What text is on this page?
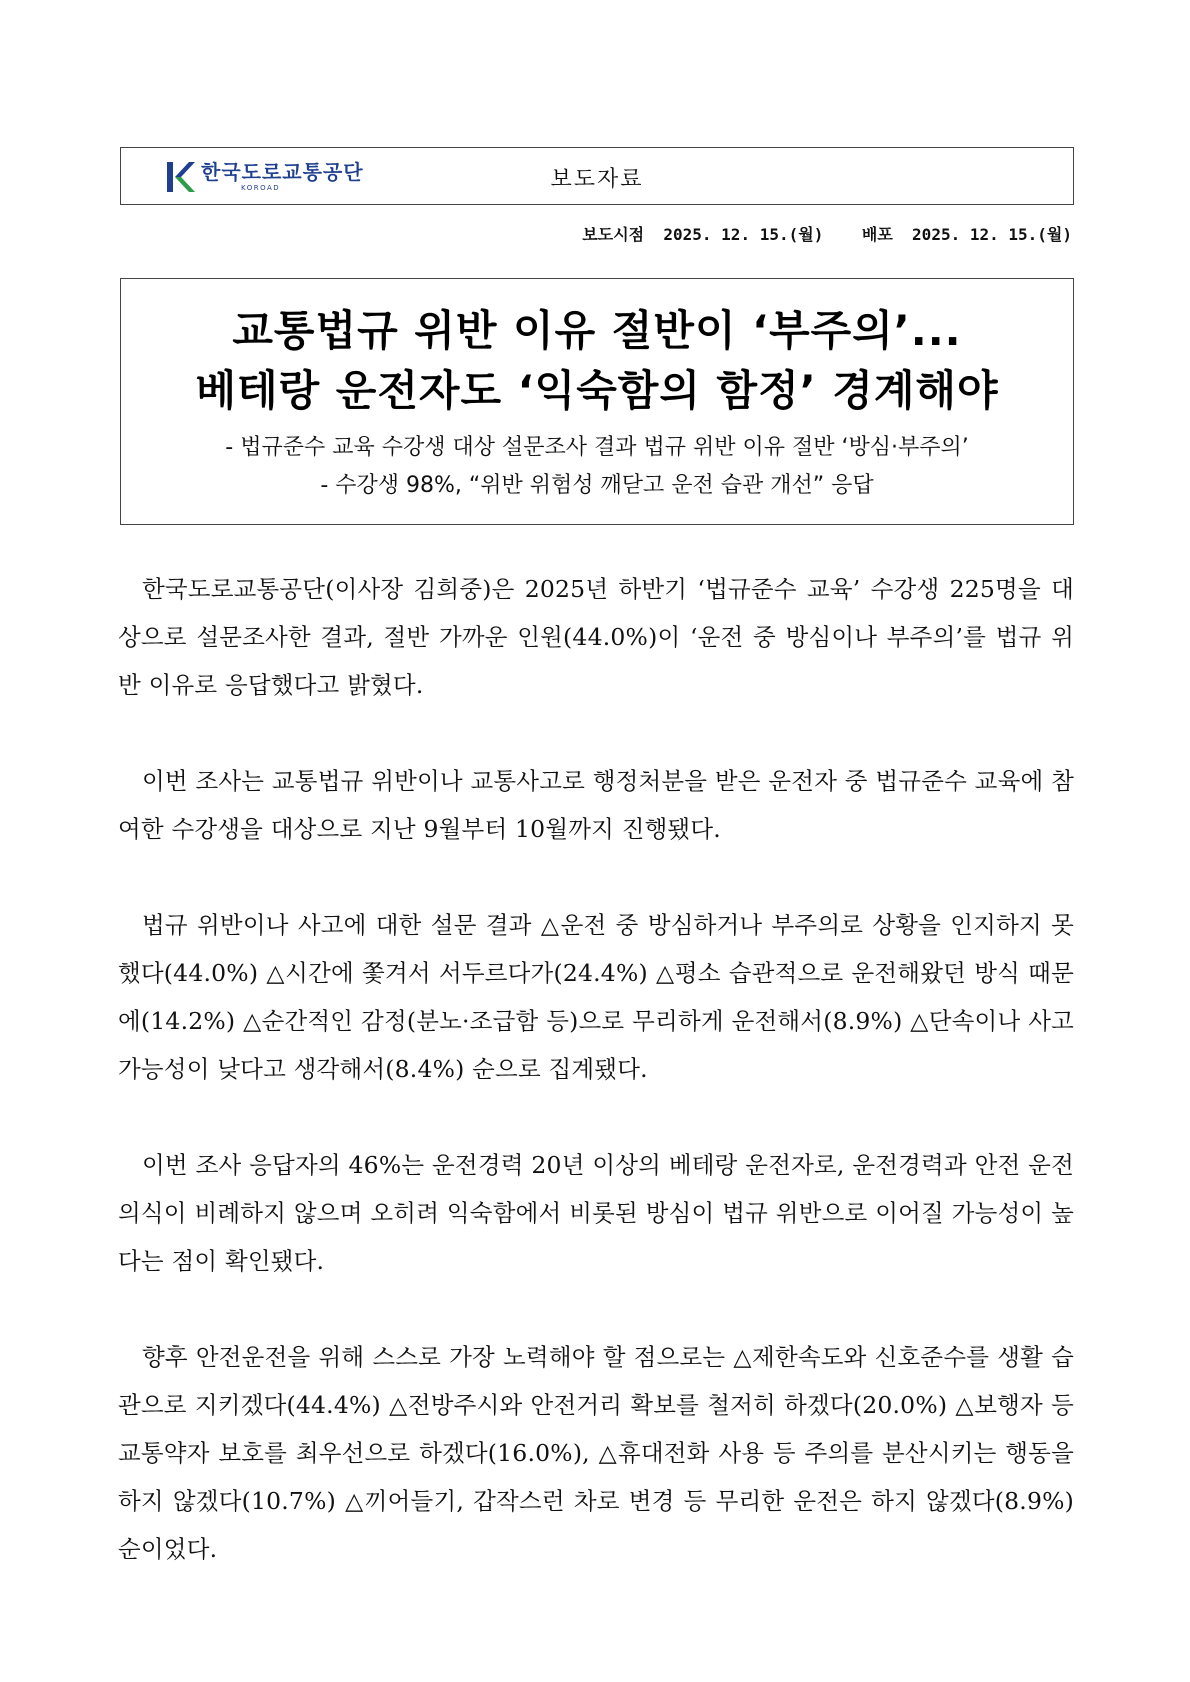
한국도로교통공단
KOROAD	보도자료
보도시점 2025. 12. 15.(월) 배포 2025. 12. 15.(월)
교통법규 위반 이유 절반이 ‘부주의’...
베테랑 운전자도 ‘익숙함의 함정’ 경계해야
- 법규준수 교육 수강생 대상 설문조사 결과 법규 위반 이유 절반 ‘방심·부주의’
- 수강생 98%, “위반 위험성 깨닫고 운전 습관 개선” 응답

한국도로교통공단(이사장 김희중)은 2025년 하반기 ‘법규준수 교육’ 수강생 225명을 대상으로 설문조사한 결과, 절반 가까운 인원(44.0%)이 ‘운전 중 방심이나 부주의’를 법규 위반 이유로 응답했다고 밝혔다.

이번 조사는 교통법규 위반이나 교통사고로 행정처분을 받은 운전자 중 법규준수 교육에 참여한 수강생을 대상으로 지난 9월부터 10월까지 진행됐다.

법규 위반이나 사고에 대한 설문 결과 △운전 중 방심하거나 부주의로 상황을 인지하지 못했다(44.0%) △시간에 쫓겨서 서두르다가(24.4%) △평소 습관적으로 운전해왔던 방식 때문에(14.2%) △순간적인 감정(분노·조급함 등)으로 무리하게 운전해서(8.9%) △단속이나 사고 가능성이 낮다고 생각해서(8.4%) 순으로 집계됐다.

이번 조사 응답자의 46%는 운전경력 20년 이상의 베테랑 운전자로, 운전경력과 안전 운전 의식이 비례하지 않으며 오히려 익숙함에서 비롯된 방심이 법규 위반으로 이어질 가능성이 높다는 점이 확인됐다.

향후 안전운전을 위해 스스로 가장 노력해야 할 점으로는 △제한속도와 신호준수를 생활 습관으로 지키겠다(44.4%) △전방주시와 안전거리 확보를 철저히 하겠다(20.0%) △보행자 등 교통약자 보호를 최우선으로 하겠다(16.0%), △휴대전화 사용 등 주의를 분산시키는 행동을 하지 않겠다(10.7%) △끼어들기, 갑작스런 차로 변경 등 무리한 운전은 하지 않겠다(8.9%) 순이었다.
